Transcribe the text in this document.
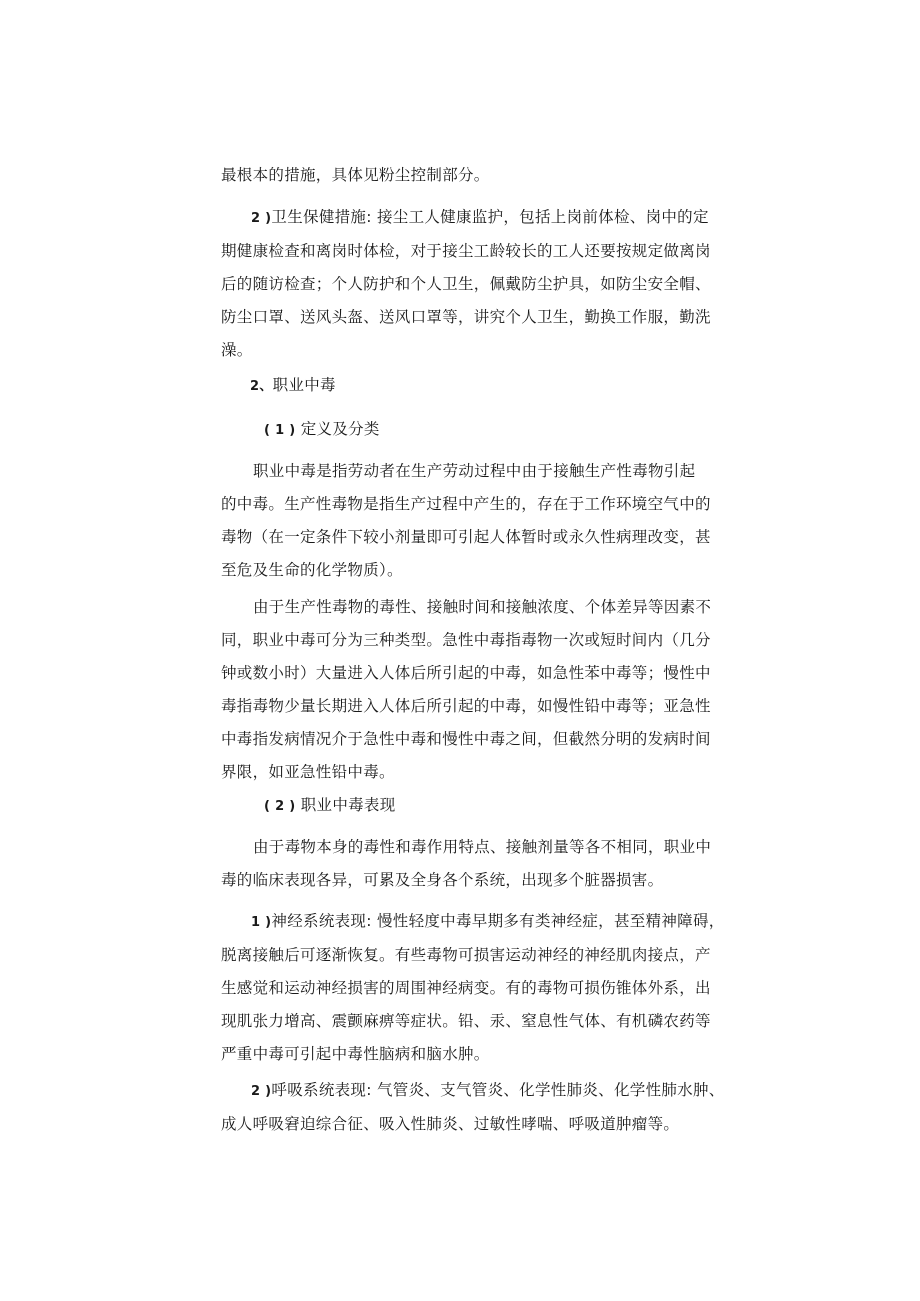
最根本的措施，具体见粉尘控制部分。
2 )卫生保健措施: 接尘工人健康监护，包括上岗前体检、岗中的定
期健康检查和离岗时体检，对于接尘工龄较长的工人还要按规定做离岗
后的随访检查；个人防护和个人卫生，佩戴防尘护具，如防尘安全帽、
防尘口罩、送风头盔、送风口罩等，讲究个人卫生，勤换工作服，勤洗
澡。
2、职业中毒
( 1 ) 定义及分类
职业中毒是指劳动者在生产劳动过程中由于接触生产性毒物引起
的中毒。生产性毒物是指生产过程中产生的，存在于工作环境空气中的
毒物（在一定条件下较小剂量即可引起人体暂时或永久性病理改变，甚
至危及生命的化学物质）。
由于生产性毒物的毒性、接触时间和接触浓度、个体差异等因素不
同，职业中毒可分为三种类型。急性中毒指毒物一次或短时间内（几分
钟或数小时）大量进入人体后所引起的中毒，如急性苯中毒等；慢性中
毒指毒物少量长期进入人体后所引起的中毒，如慢性铅中毒等；亚急性
中毒指发病情况介于急性中毒和慢性中毒之间，但截然分明的发病时间
界限，如亚急性铅中毒。
( 2 ) 职业中毒表现
由于毒物本身的毒性和毒作用特点、接触剂量等各不相同，职业中
毒的临床表现各异，可累及全身各个系统，出现多个脏器损害。
1 )神经系统表现: 慢性轻度中毒早期多有类神经症，甚至精神障碍，
脱离接触后可逐渐恢复。有些毒物可损害运动神经的神经肌肉接点，产
生感觉和运动神经损害的周围神经病变。有的毒物可损伤锥体外系，出
现肌张力增高、震颤麻痹等症状。铅、汞、窒息性气体、有机磷农药等
严重中毒可引起中毒性脑病和脑水肿。
2 )呼吸系统表现: 气管炎、支气管炎、化学性肺炎、化学性肺水肿、
成人呼吸窘迫综合征、吸入性肺炎、过敏性哮喘、呼吸道肿瘤等。
